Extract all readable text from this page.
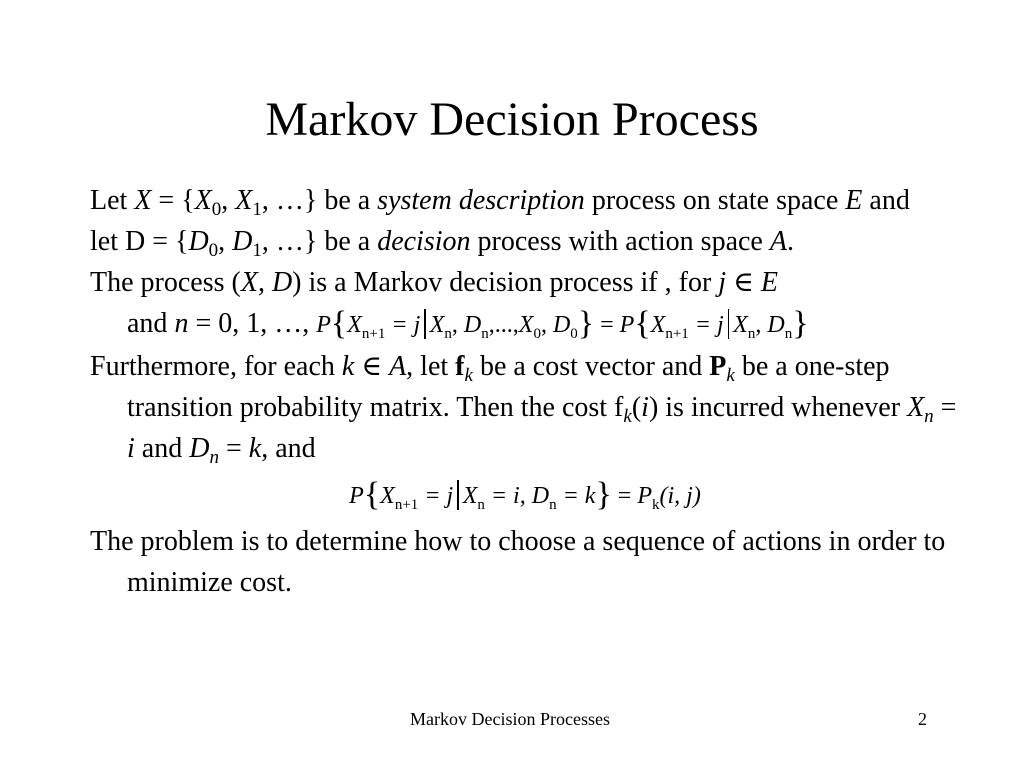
Markov Decision Process
Let $X = \{X_0$, $X_1$, …} be a system description process on state space E and
let $D = \{D_0$, $D_1$, …} be a decision process with action space A.
The process (X, D) is a Markov decision process if , for j ∈ E
and n = 0, 1, …, $P\{X_{n+1} = j$ $X_n$, $D_n,...,X_0$, $D_0\} = P\{X_{n+1} = j$ $X_n$, $D_n$}
Furthermore, for each k ∈ A, let $f_k$ be a cost vector and $P_k$ be a one-step transition probability matrix. Then the cost $f_k(i)$ is incurred whenever $X_n = i$ and $D_n = k$, and
$P\{X_{n+1} = j$ $X_n = i$, $D_n = k\} = P_k(i$, j)
The problem is to determine how to choose a sequence of actions in order to minimize cost.
Markov Decision Processes	2
